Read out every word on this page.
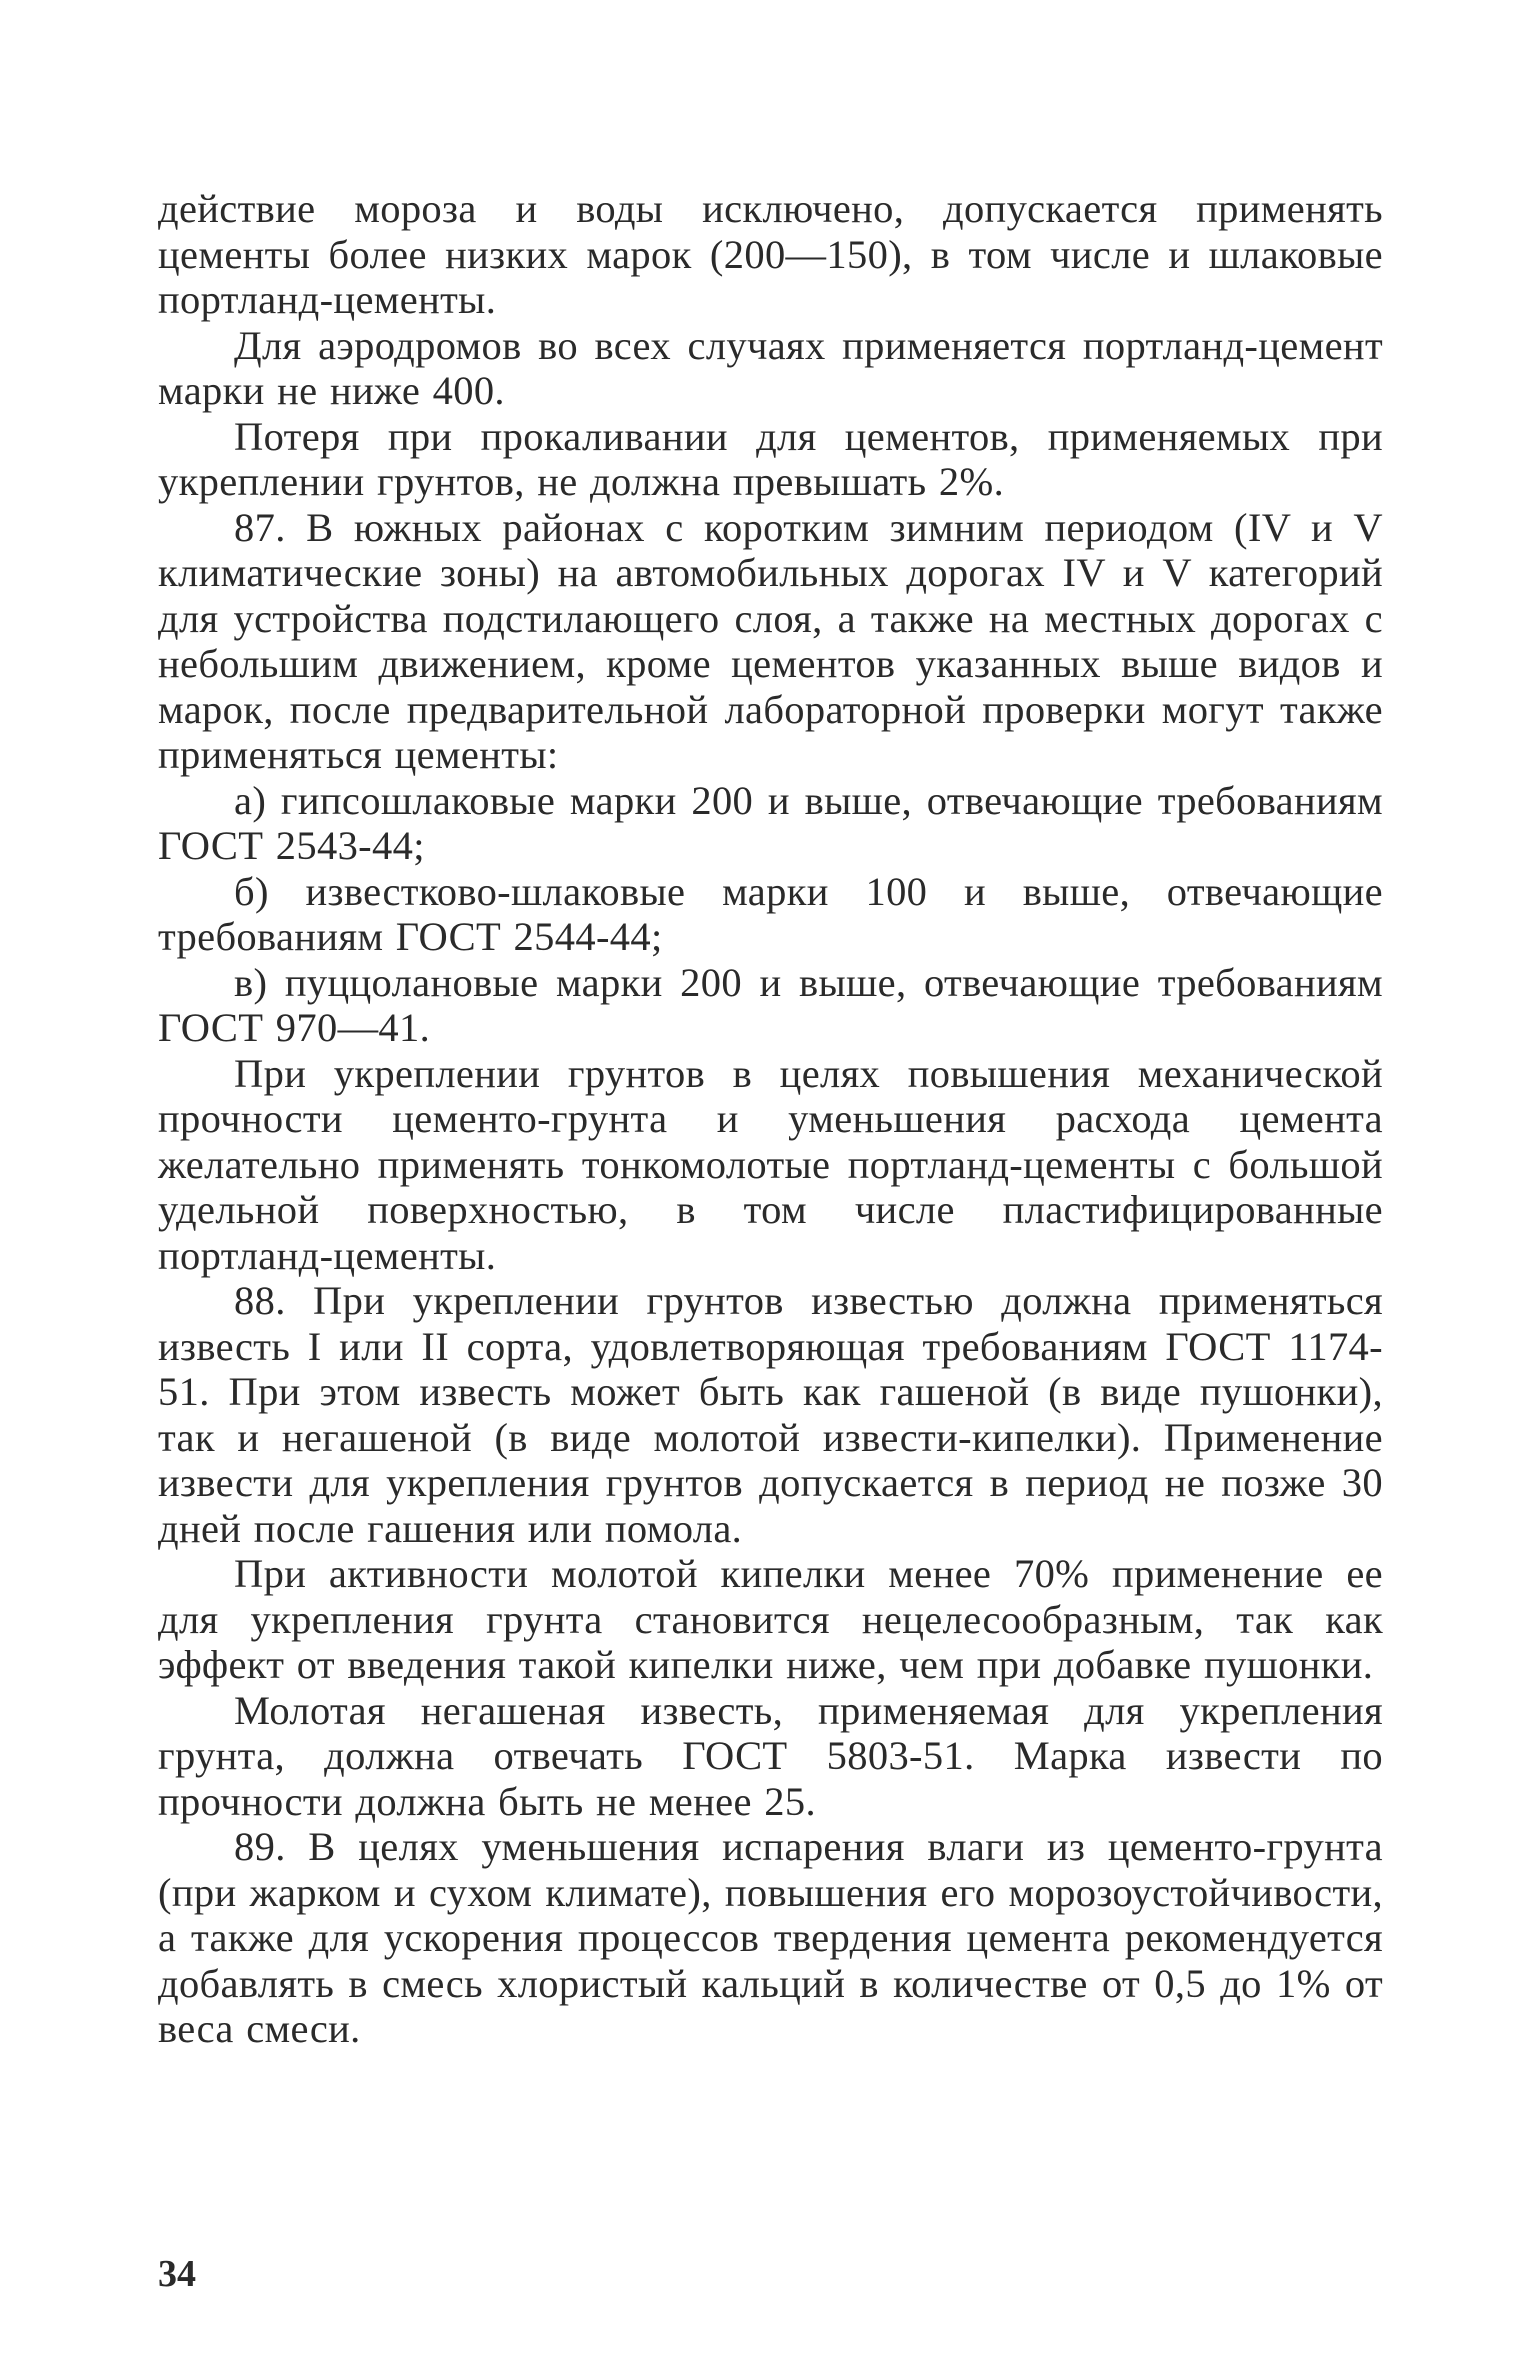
действие мороза и воды исключено, допускается применять цементы более низких марок (200—150), в том числе и шлаковые портланд-цементы.

Для аэродромов во всех случаях применяется портланд-цемент марки не ниже 400.

Потеря при прокаливании для цементов, применяемых при укреплении грунтов, не должна превышать 2%.

87. В южных районах с коротким зимним периодом (IV и V климатические зоны) на автомобильных дорогах IV и V категорий для устройства подстилающего слоя, а также на местных дорогах с небольшим движением, кроме цементов указанных выше видов и марок, после предварительной лабораторной проверки могут также применяться цементы:

а) гипсошлаковые марки 200 и выше, отвечающие требованиям ГОСТ 2543-44;

б) известково-шлаковые марки 100 и выше, отвечающие требованиям ГОСТ 2544-44;

в) пуццолановые марки 200 и выше, отвечающие требованиям ГОСТ 970—41.

При укреплении грунтов в целях повышения механической прочности цементо-грунта и уменьшения расхода цемента желательно применять тонкомолотые портланд-цементы с большой удельной поверхностью, в том числе пластифицированные портланд-цементы.

88. При укреплении грунтов известью должна применяться известь I или II сорта, удовлетворяющая требованиям ГОСТ 1174-51. При этом известь может быть как гашеной (в виде пушонки), так и негашеной (в виде молотой извести-кипелки). Применение извести для укрепления грунтов допускается в период не позже 30 дней после гашения или помола.

При активности молотой кипелки менее 70% применение ее для укрепления грунта становится нецелесообразным, так как эффект от введения такой кипелки ниже, чем при добавке пушонки.

Молотая негашеная известь, применяемая для укрепления грунта, должна отвечать ГОСТ 5803-51. Марка извести по прочности должна быть не менее 25.

89. В целях уменьшения испарения влаги из цементо-грунта (при жарком и сухом климате), повышения его морозоустойчивости, а также для ускорения процессов твердения цемента рекомендуется добавлять в смесь хлористый кальций в количестве от 0,5 до 1% от веса смеси.

34
